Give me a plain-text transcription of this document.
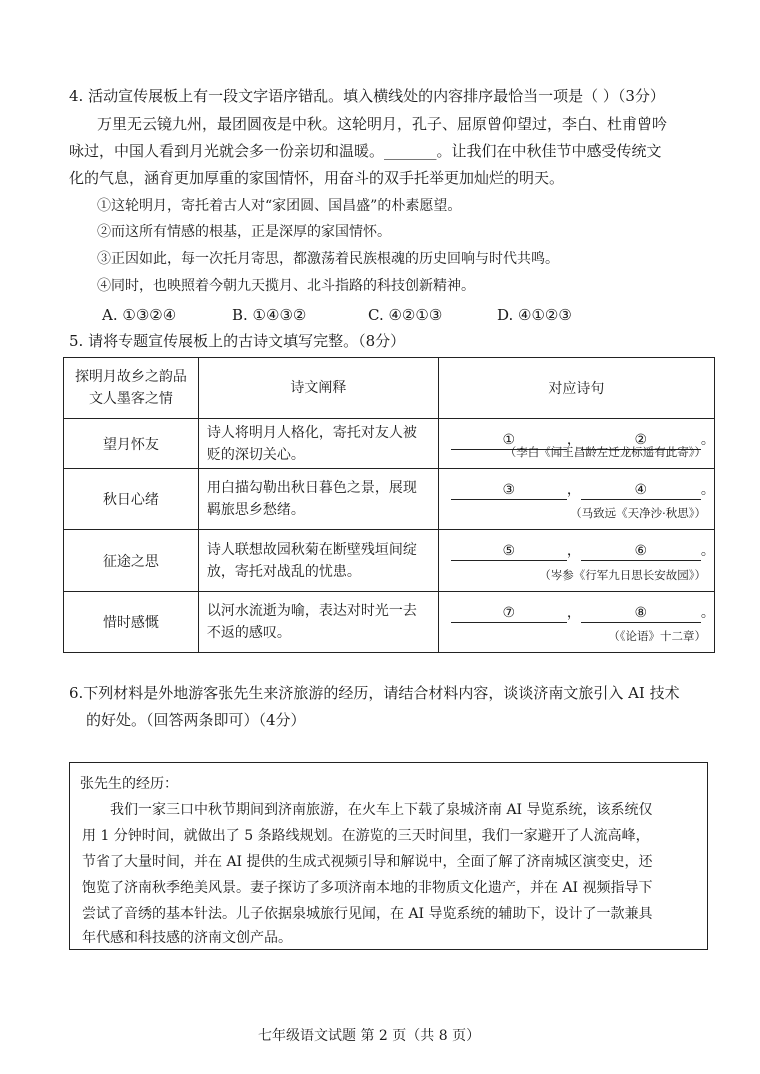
4. 活动宣传展板上有一段文字语序错乱。填入横线处的内容排序最恰当一项是（ ）（3分）
万里无云镜九州，最团圆夜是中秋。这轮明月，孔子、屈原曾仰望过，李白、杜甫曾吟
咏过，中国人看到月光就会多一份亲切和温暖。_______。让我们在中秋佳节中感受传统文
化的气息，涵育更加厚重的家国情怀，用奋斗的双手托举更加灿烂的明天。
①这轮明月，寄托着古人对“家团圆、国昌盛”的朴素愿望。
②而这所有情感的根基，正是深厚的家国情怀。
③正因如此，每一次托月寄思，都激荡着民族根魂的历史回响与时代共鸣。
④同时，也映照着今朝九天揽月、北斗指路的科技创新精神。
A. ①③②④	B. ①④③②	C. ④②①③	D. ④①②③
5. 请将专题宣传展板上的古诗文填写完整。（8分）
探明月故乡之韵品文人墨客之情	诗文阐释	对应诗句
望月怀友	诗人将明月人格化，寄托对友人被贬的深切关心。	① ， ② 。
（李白《闻王昌龄左迁龙标遥有此寄》）

秋日心绪	用白描勾勒出秋日暮色之景，展现羁旅思乡愁绪。	③ ， ④ 。
（马致远《天净沙·秋思》）

征途之思	诗人联想故园秋菊在断壁残垣间绽放，寄托对战乱的忧患。	⑤ ， ⑥ 。
（岑参《行军九日思长安故园》）

惜时感慨	以河水流逝为喻，表达对时光一去不返的感叹。	⑦ ， ⑧ 。
（《论语》十二章）
6.下列材料是外地游客张先生来济旅游的经历，请结合材料内容，谈谈济南文旅引入 AI 技术
的好处。（回答两条即可）（4分）
张先生的经历：
我们一家三口中秋节期间到济南旅游，在火车上下载了泉城济南 AI 导览系统，该系统仅
用 1 分钟时间，就做出了 5 条路线规划。在游览的三天时间里，我们一家避开了人流高峰，
节省了大量时间，并在 AI 提供的生成式视频引导和解说中，全面了解了济南城区演变史，还
饱览了济南秋季绝美风景。妻子探访了多项济南本地的非物质文化遗产，并在 AI 视频指导下
尝试了音绣的基本针法。儿子依据泉城旅行见闻，在 AI 导览系统的辅助下，设计了一款兼具
年代感和科技感的济南文创产品。
七年级语文试题 第 2 页（共 8 页）
